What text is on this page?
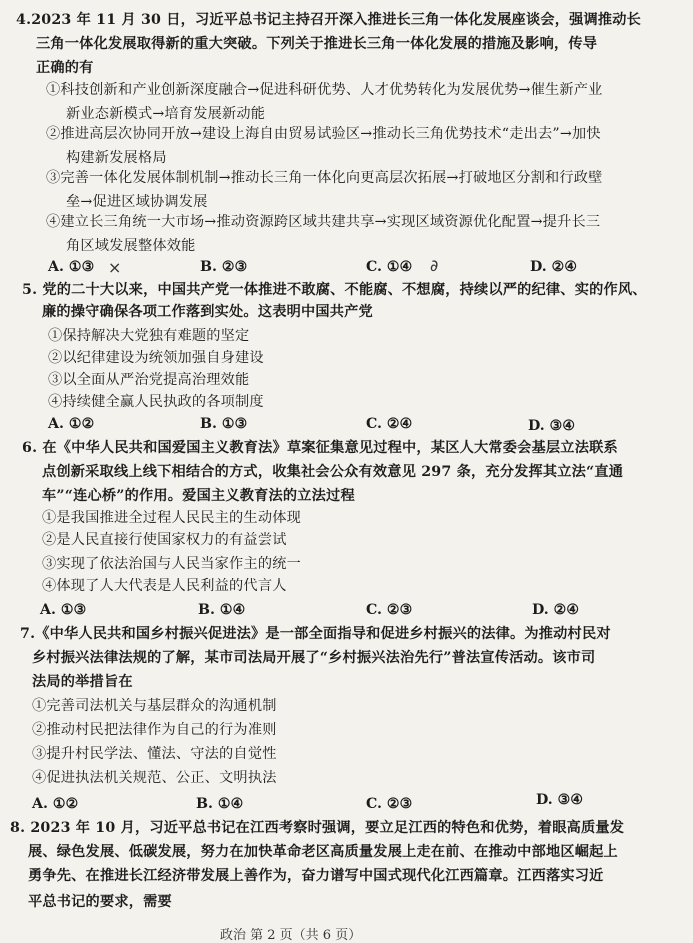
4.2023 年 11 月 30 日，习近平总书记主持召开深入推进长三角一体化发展座谈会，强调推动长
三角一体化发展取得新的重大突破。下列关于推进长三角一体化发展的措施及影响，传导
正确的有
①科技创新和产业创新深度融合→促进科研优势、人才优势转化为发展优势→催生新产业
新业态新模式→培育发展新动能
②推进高层次协同开放→建设上海自由贸易试验区→推动长三角优势技术“走出去”→加快
构建新发展格局
③完善一体化发展体制机制→推动长三角一体化向更高层次拓展→打破地区分割和行政壁
垒→促进区域协调发展
④建立长三角统一大市场→推动资源跨区域共建共享→实现区域资源优化配置→提升长三
角区域发展整体效能
A. ①③ ×	B. ②③	C. ①④ ∂	D. ②④
5. 党的二十大以来，中国共产党一体推进不敢腐、不能腐、不想腐，持续以严的纪律、实的作风、
廉的操守确保各项工作落到实处。这表明中国共产党
①保持解决大党独有难题的坚定
②以纪律建设为统领加强自身建设
③以全面从严治党提高治理效能
④持续健全赢人民执政的各项制度
A. ①②	B. ①③	C. ②④	D. ③④
6. 在《中华人民共和国爱国主义教育法》草案征集意见过程中，某区人大常委会基层立法联系
点创新采取线上线下相结合的方式，收集社会公众有效意见 297 条，充分发挥其立法“直通
车”“连心桥”的作用。爱国主义教育法的立法过程
①是我国推进全过程人民民主的生动体现
②是人民直接行使国家权力的有益尝试
③实现了依法治国与人民当家作主的统一
④体现了人大代表是人民利益的代言人
A. ①③	B. ①④	C. ②③	D. ②④
7.《中华人民共和国乡村振兴促进法》是一部全面指导和促进乡村振兴的法律。为推动村民对
乡村振兴法律法规的了解，某市司法局开展了“乡村振兴法治先行”普法宣传活动。该市司
法局的举措旨在
①完善司法机关与基层群众的沟通机制
②推动村民把法律作为自己的行为准则
③提升村民学法、懂法、守法的自觉性
④促进执法机关规范、公正、文明执法
A. ①②	B. ①④	C. ②③	D. ③④
8. 2023 年 10 月，习近平总书记在江西考察时强调，要立足江西的特色和优势，着眼高质量发
展、绿色发展、低碳发展，努力在加快革命老区高质量发展上走在前、在推动中部地区崛起上
勇争先、在推进长江经济带发展上善作为，奋力谱写中国式现代化江西篇章。江西落实习近
平总书记的要求，需要
政治 第 2 页（共 6 页）
